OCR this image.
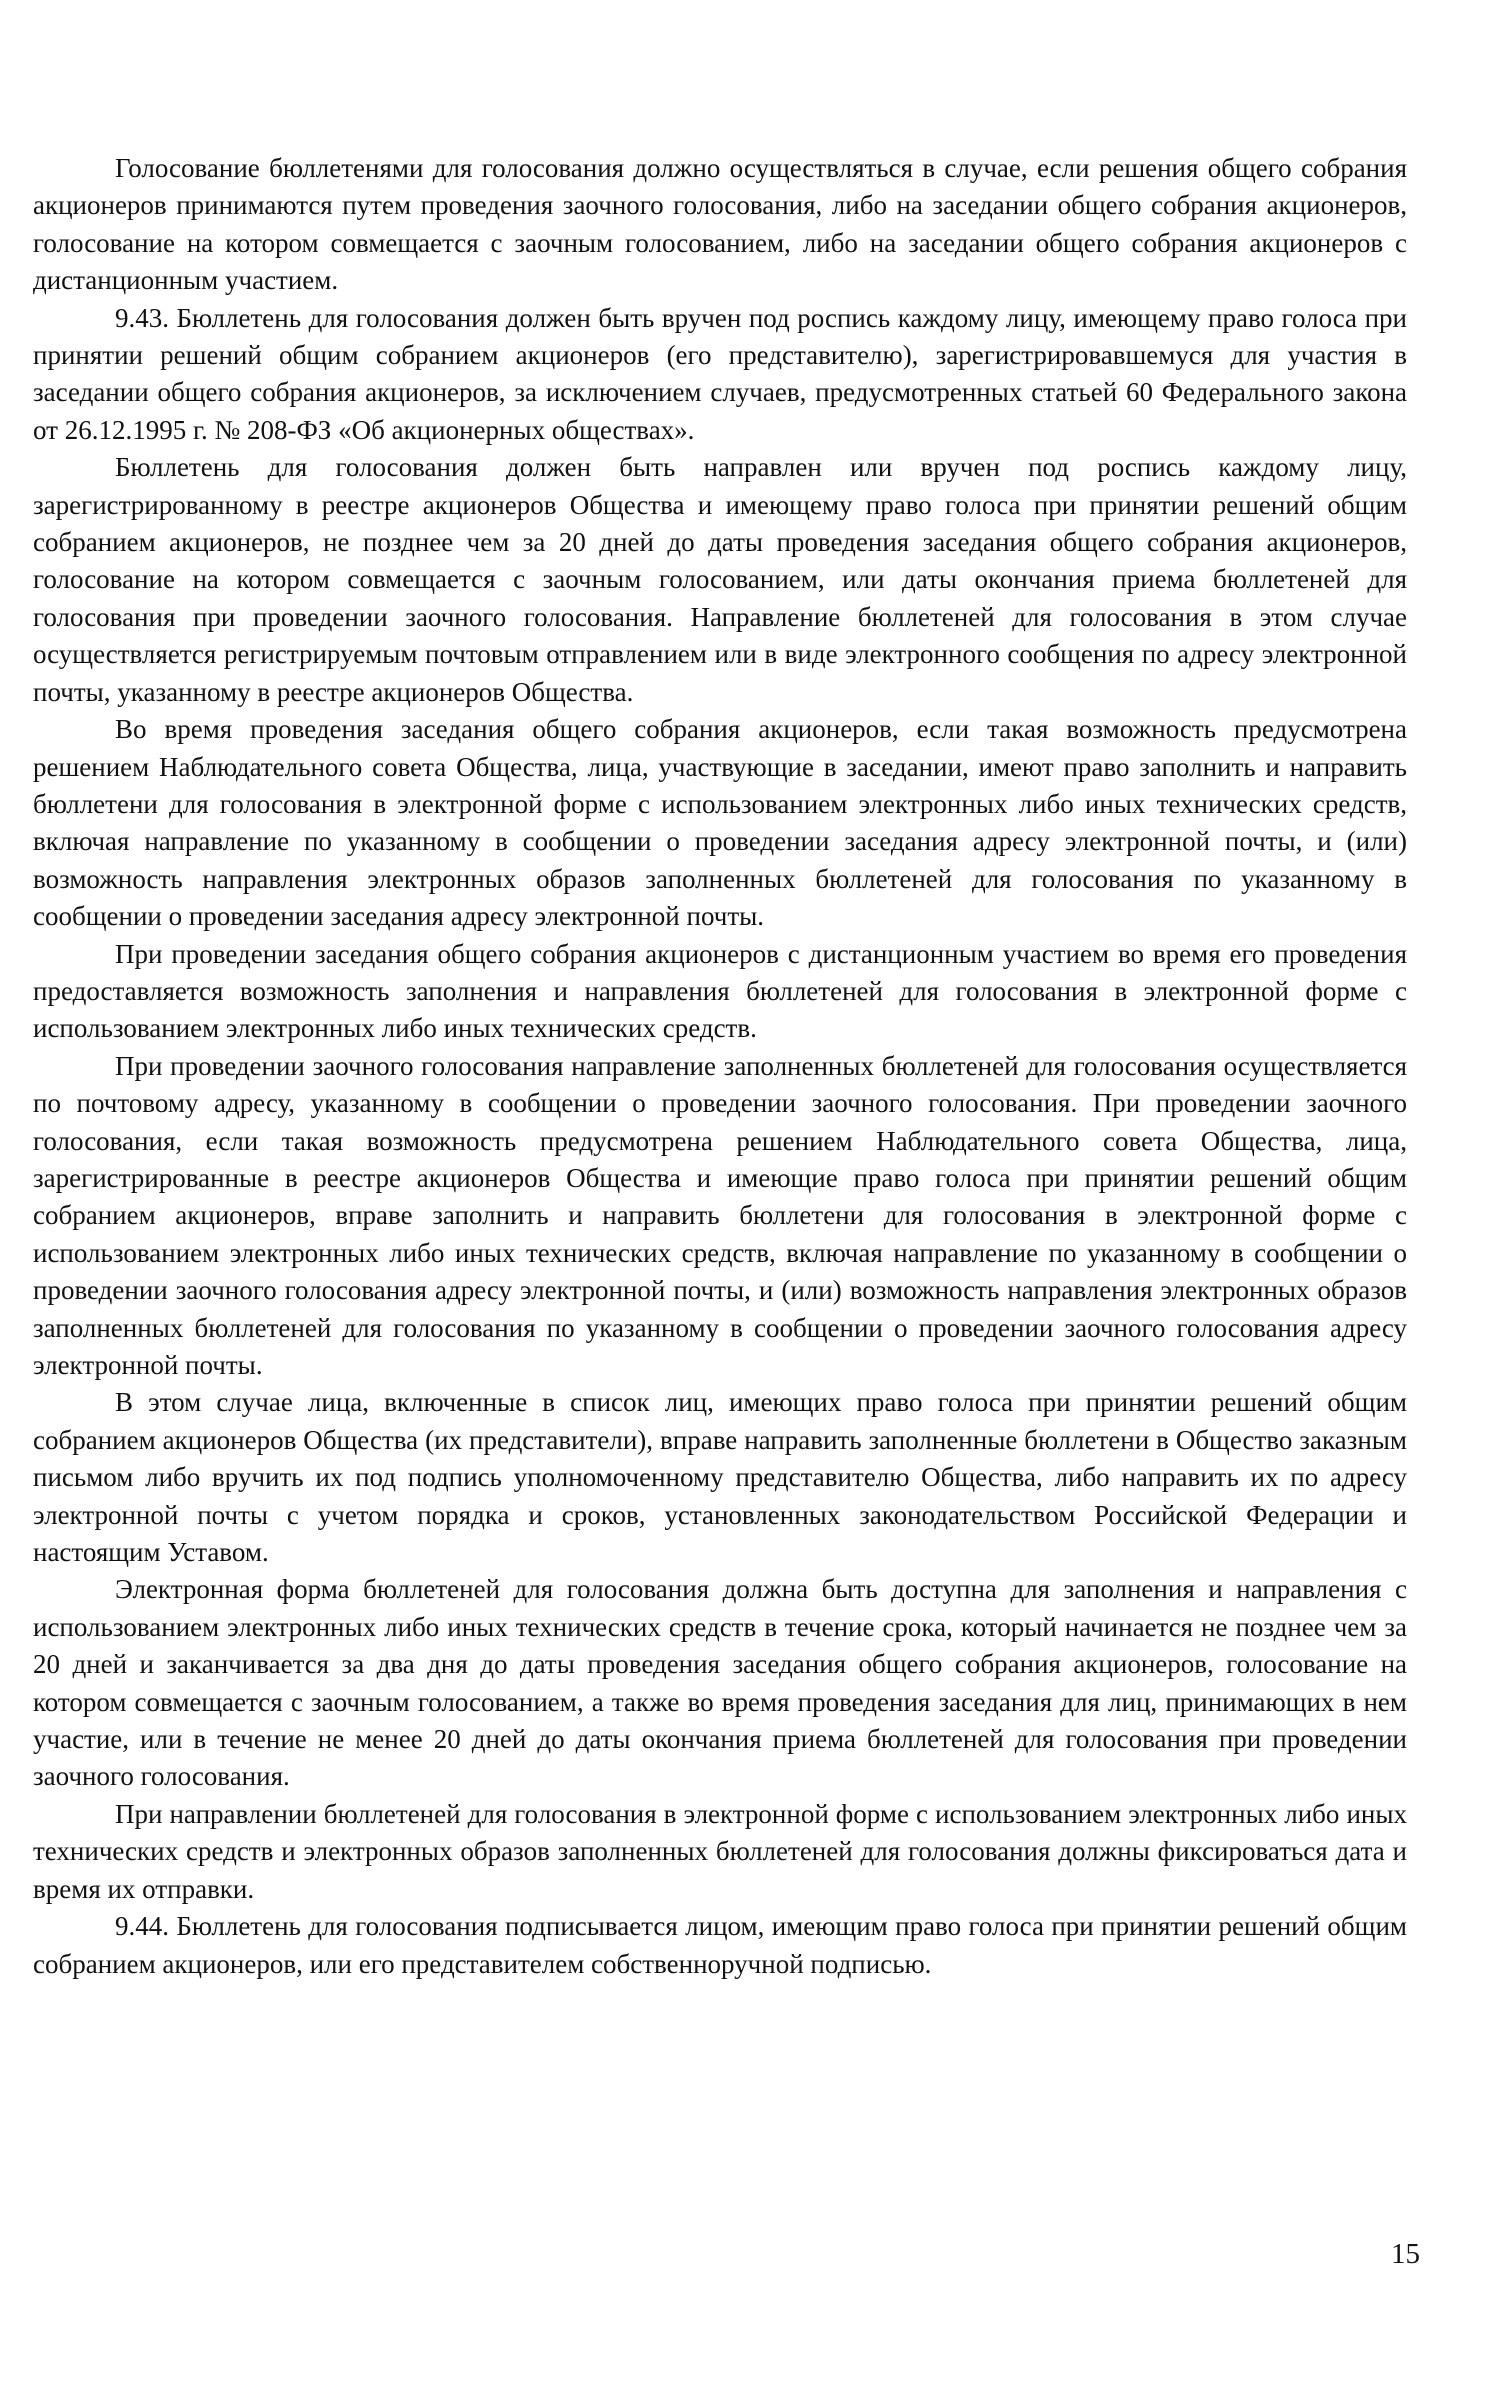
Голосование бюллетенями для голосования должно осуществляться в случае, если решения общего собрания акционеров принимаются путем проведения заочного голосования, либо на заседании общего собрания акционеров, голосование на котором совмещается с заочным голосованием, либо на заседании общего собрания акционеров с дистанционным участием.

9.43. Бюллетень для голосования должен быть вручен под роспись каждому лицу, имеющему право голоса при принятии решений общим собранием акционеров (его представителю), зарегистрировавшемуся для участия в заседании общего собрания акционеров, за исключением случаев, предусмотренных статьей 60 Федерального закона от 26.12.1995 г. № 208-ФЗ «Об акционерных обществах».

Бюллетень для голосования должен быть направлен или вручен под роспись каждому лицу, зарегистрированному в реестре акционеров Общества и имеющему право голоса при принятии решений общим собранием акционеров, не позднее чем за 20 дней до даты проведения заседания общего собрания акционеров, голосование на котором совмещается с заочным голосованием, или даты окончания приема бюллетеней для голосования при проведении заочного голосования. Направление бюллетеней для голосования в этом случае осуществляется регистрируемым почтовым отправлением или в виде электронного сообщения по адресу электронной почты, указанному в реестре акционеров Общества.

Во время проведения заседания общего собрания акционеров, если такая возможность предусмотрена решением Наблюдательного совета Общества, лица, участвующие в заседании, имеют право заполнить и направить бюллетени для голосования в электронной форме с использованием электронных либо иных технических средств, включая направление по указанному в сообщении о проведении заседания адресу электронной почты, и (или) возможность направления электронных образов заполненных бюллетеней для голосования по указанному в сообщении о проведении заседания адресу электронной почты.

При проведении заседания общего собрания акционеров с дистанционным участием во время его проведения предоставляется возможность заполнения и направления бюллетеней для голосования в электронной форме с использованием электронных либо иных технических средств.

При проведении заочного голосования направление заполненных бюллетеней для голосования осуществляется по почтовому адресу, указанному в сообщении о проведении заочного голосования. При проведении заочного голосования, если такая возможность предусмотрена решением Наблюдательного совета Общества, лица, зарегистрированные в реестре акционеров Общества и имеющие право голоса при принятии решений общим собранием акционеров, вправе заполнить и направить бюллетени для голосования в электронной форме с использованием электронных либо иных технических средств, включая направление по указанному в сообщении о проведении заочного голосования адресу электронной почты, и (или) возможность направления электронных образов заполненных бюллетеней для голосования по указанному в сообщении о проведении заочного голосования адресу электронной почты.

В этом случае лица, включенные в список лиц, имеющих право голоса при принятии решений общим собранием акционеров Общества (их представители), вправе направить заполненные бюллетени в Общество заказным письмом либо вручить их под подпись уполномоченному представителю Общества, либо направить их по адресу электронной почты с учетом порядка и сроков, установленных законодательством Российской Федерации и настоящим Уставом.

Электронная форма бюллетеней для голосования должна быть доступна для заполнения и направления с использованием электронных либо иных технических средств в течение срока, который начинается не позднее чем за 20 дней и заканчивается за два дня до даты проведения заседания общего собрания акционеров, голосование на котором совмещается с заочным голосованием, а также во время проведения заседания для лиц, принимающих в нем участие, или в течение не менее 20 дней до даты окончания приема бюллетеней для голосования при проведении заочного голосования.

При направлении бюллетеней для голосования в электронной форме с использованием электронных либо иных технических средств и электронных образов заполненных бюллетеней для голосования должны фиксироваться дата и время их отправки.

9.44. Бюллетень для голосования подписывается лицом, имеющим право голоса при принятии решений общим собранием акционеров, или его представителем собственноручной подписью.

15
